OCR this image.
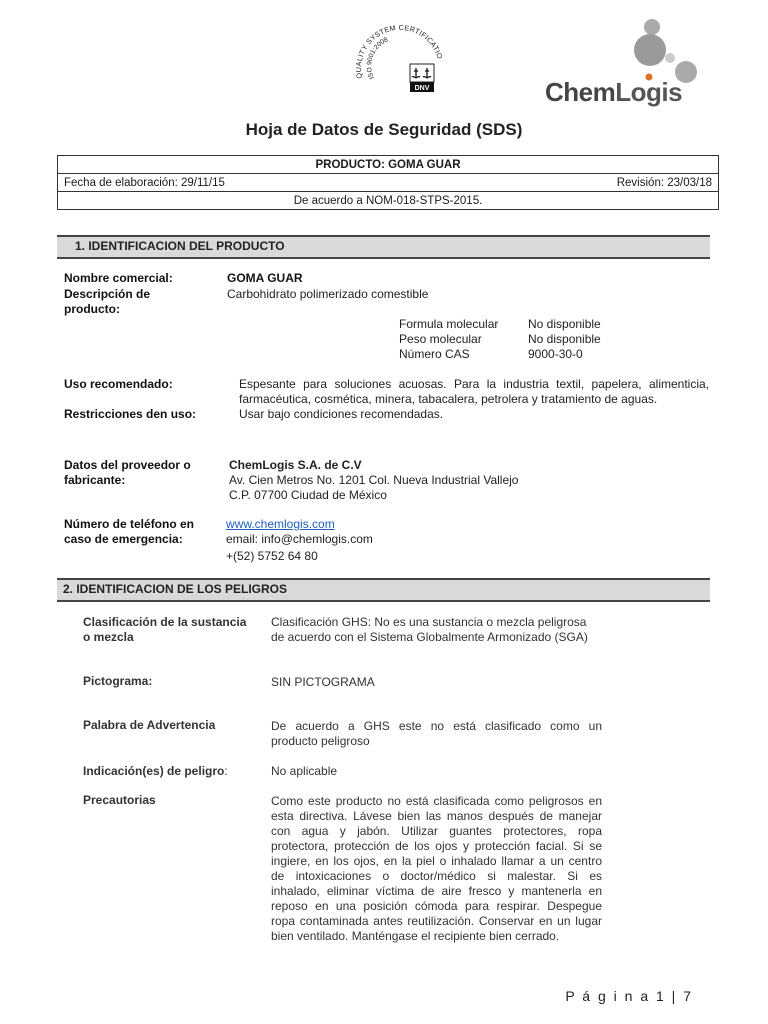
QUALITY SYSTEM CERTIFICATIO
ISO 9001:2008
DNV	ChemLogis
Hoja de Datos de Seguridad (SDS)
PRODUCTO: GOMA GUAR
Fecha de elaboración: 29/11/15	Revisión: 23/03/18
De acuerdo a NOM-018-STPS-2015.
1. IDENTIFICACION DEL PRODUCTO
Nombre comercial:	GOMA GUAR
Descripción de
producto:
Carbohidrato polimerizado comestible
Formula molecular No disponible
Peso molecular	No disponible
Número CAS	9000-30-0
Uso recomendado:	Espesante para soluciones acuosas. Para la industria textil, papelera, alimenticia,
farmacéutica, cosmética, minera, tabacalera, petrolera y tratamiento de aguas.
Restricciones den uso:	Usar bajo condiciones recomendadas.
Datos del proveedor o
fabricante:
ChemLogis S.A. de C.V
Av. Cien Metros No. 1201 Col. Nueva Industrial Vallejo
C.P. 07700 Ciudad de México
Número de teléfono en
caso de emergencia:
www.chemlogis.com
email: info@chemlogis.com
+(52) 5752 64 80
2. IDENTIFICACION DE LOS PELIGROS
Clasificación de la sustancia
o mezcla
Clasificación GHS: No es una sustancia o mezcla peligrosa
de acuerdo con el Sistema Globalmente Armonizado (SGA)
Pictograma:	SIN PICTOGRAMA
Palabra de Advertencia	De acuerdo a GHS este no está clasificado como un
producto peligroso
Indicación(es) de peligro:	No aplicable
Precautorias	Como este producto no está clasificada como peligrosos en
esta directiva. Lávese bien las manos después de manejar
con agua y jabón. Utilizar guantes protectores, ropa
protectora, protección de los ojos y protección facial. Si se
ingiere, en los ojos, en la piel o inhalado llamar a un centro
de intoxicaciones o doctor/médico si malestar. Si es
inhalado, eliminar víctima de aire fresco y mantenerla en
reposo en una posición cómoda para respirar. Despegue
ropa contaminada antes reutilización. Conservar en un lugar
bien ventilado. Manténgase el recipiente bien cerrado.
P á g i n a 1 | 7
